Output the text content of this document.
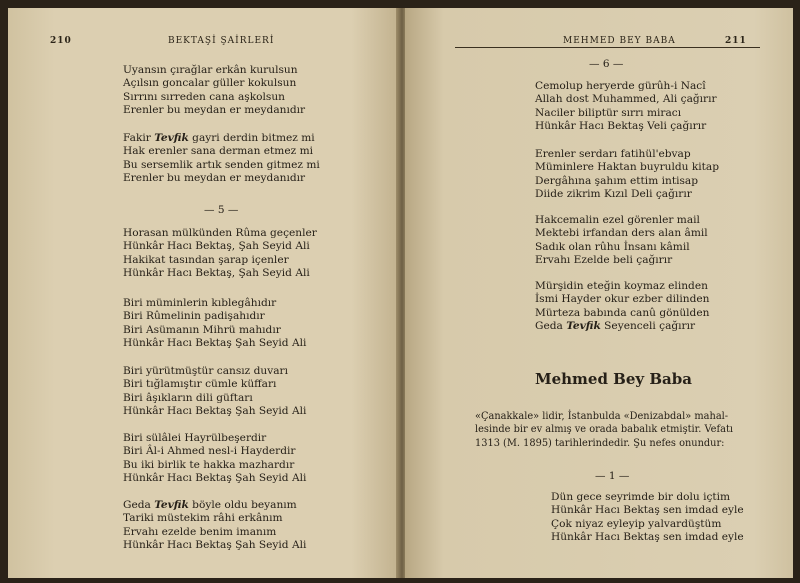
210	BEKTAŞİ ŞAİRLERİ
Uyansın çırağlar erkân kurulsun
Açılsın goncalar güller kokulsun
Sırrını sırreden cana aşkolsun
Erenler bu meydan er meydanıdır
Fakir Tevfik gayri derdin bitmez mi
Hak erenler sana derman etmez mi
Bu sersemlik artık senden gitmez mi
Erenler bu meydan er meydanıdır
— 5 —
Horasan mülkünden Rûma geçenler
Hünkâr Hacı Bektaş, Şah Seyid Ali
Hakikat tasından şarap içenler
Hünkâr Hacı Bektaş, Şah Seyid Ali
Biri müminlerin kıblegâhıdır
Biri Rûmelinin padişahıdır
Biri Asümanın Mihrü mahıdır
Hünkâr Hacı Bektaş Şah Seyid Ali
Biri yürütmüştür cansız duvarı
Biri tığlamıştır cümle küffarı
Biri âşıkların dili güftarı
Hünkâr Hacı Bektaş Şah Seyid Ali
Biri sülâlei Hayrülbeşerdir
Biri Âl-i Ahmed nesl-i Hayderdir
Bu iki birlik te hakka mazhardır
Hünkâr Hacı Bektaş Şah Seyid Ali
Geda Tevfik böyle oldu beyanım
Tariki müstekim râhi erkânım
Ervahı ezelde benim imanım
Hünkâr Hacı Bektaş Şah Seyid Ali
MEHMED BEY BABA	211
— 6 —
Cemolup heryerde gürûh-i Nacî
Allah dost Muhammed, Ali çağırır
Naciler biliptür sırrı miracı
Hünkâr Hacı Bektaş Veli çağırır
Erenler serdarı fatihül'ebvap
Müminlere Haktan buyruldu kitap
Dergâhına şahım ettim intisap
Diide zikrim Kızıl Deli çağırır
Hakcemalin ezel görenler mail
Mektebi irfandan ders alan âmil
Sadık olan rûhu İnsanı kâmil
Ervahı Ezelde beli çağırır
Mürşidin eteğin koymaz elinden
İsmi Hayder okur ezber dilinden
Mürteza babında canû gönülden
Geda Tevfik Seyenceli çağırır
Mehmed Bey Baba
«Çanakkale» lidir, İstanbulda «Denizabdal» mahal-
lesinde bir ev almış ve orada babalık etmiştir. Vefatı
1313 (M. 1895) tarihlerindedir. Şu nefes onundur:
— 1 —
Dün gece seyrimde bir dolu içtim
Hünkâr Hacı Bektaş sen imdad eyle
Çok niyaz eyleyip yalvardüştüm
Hünkâr Hacı Bektaş sen imdad eyle
